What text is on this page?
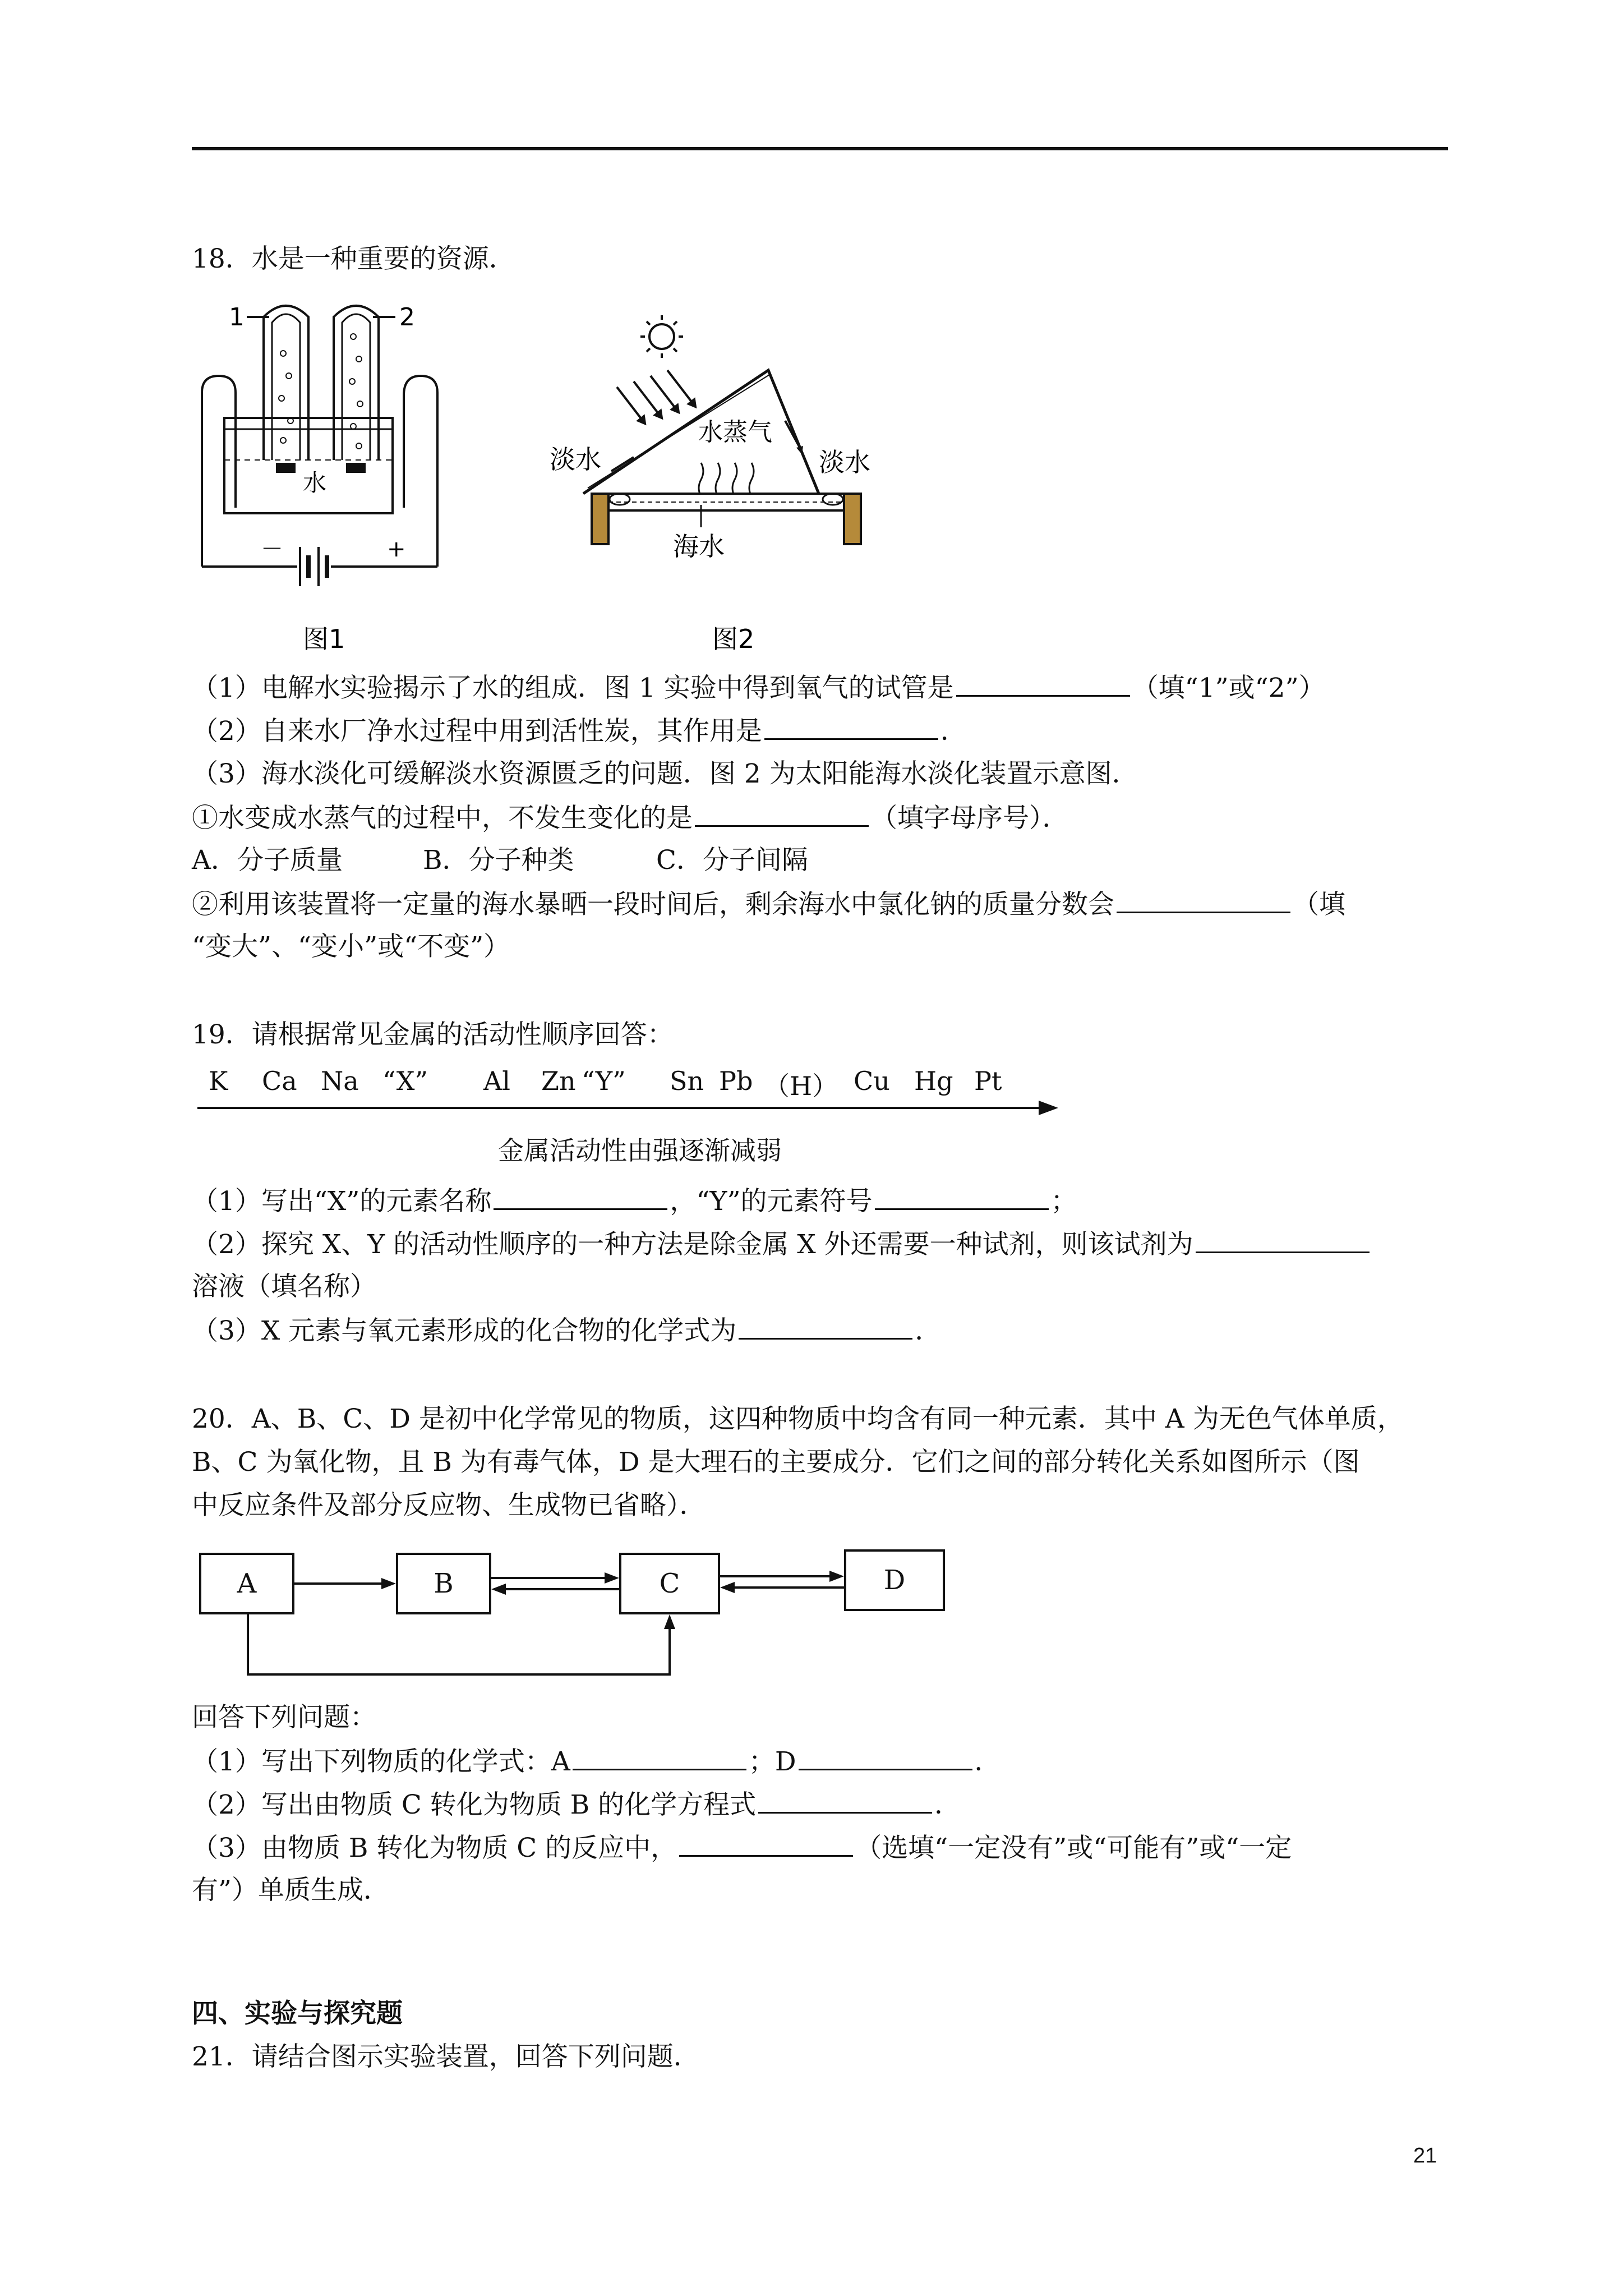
18．水是一种重要的资源．
1	2
水
－	+
图1
水蒸气
淡水	淡水
海水
图2
（1）电解水实验揭示了水的组成．图 1 实验中得到氧气的试管是	（填“1”或“2”）
（2）自来水厂净水过程中用到活性炭，其作用是	．
（3）海水淡化可缓解淡水资源匮乏的问题．图 2 为太阳能海水淡化装置示意图．
①水变成水蒸气的过程中，不发生变化的是	（填字母序号）．
A．分子质量	B．分子种类	C．分子间隔
②利用该装置将一定量的海水暴晒一段时间后，剩余海水中氯化钠的质量分数会	（填
“变大”、“变小”或“不变”）
19．请根据常见金属的活动性顺序回答：
K Ca Na “X” Al Zn “Y” Sn Pb （H） Cu Hg Pt
金属活动性由强逐渐减弱
（1）写出“X”的元素名称	，“Y”的元素符号	；
（2）探究 X、Y 的活动性顺序的一种方法是除金属 X 外还需要一种试剂，则该试剂为
溶液（填名称）
（3）X 元素与氧元素形成的化合物的化学式为	．
20．A、B、C、D 是初中化学常见的物质，这四种物质中均含有同一种元素．其中 A 为无色气体单质，
B、C 为氧化物，且 B 为有毒气体，D 是大理石的主要成分．它们之间的部分转化关系如图所示（图
中反应条件及部分反应物、生成物已省略）．
A	B	C	D
回答下列问题：
（1）写出下列物质的化学式：A	；D	．
（2）写出由物质 C 转化为物质 B 的化学方程式	．
（3）由物质 B 转化为物质 C 的反应中，	（选填“一定没有”或“可能有”或“一定
有”）单质生成．
四、实验与探究题
21．请结合图示实验装置，回答下列问题．
21
